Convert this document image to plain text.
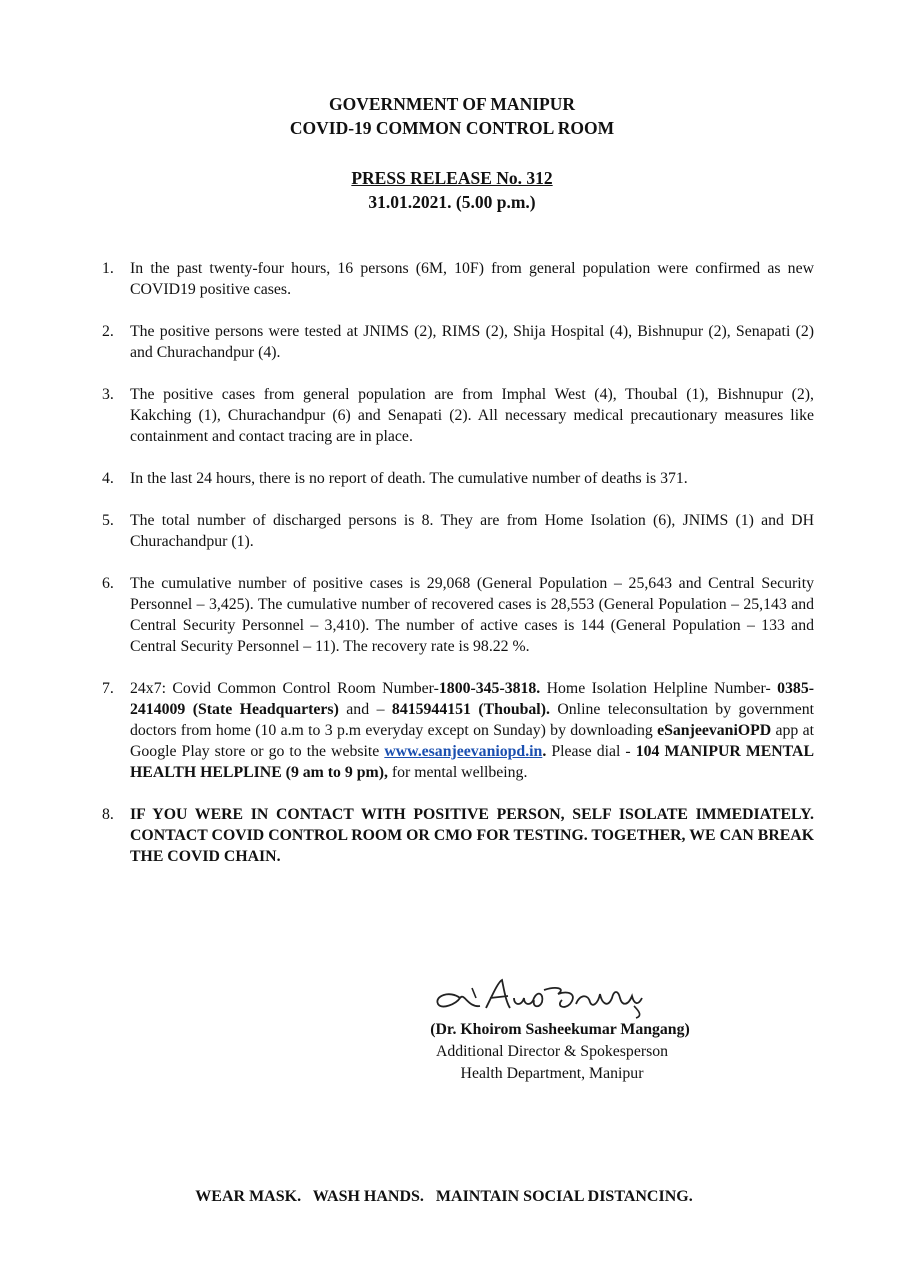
GOVERNMENT OF MANIPUR
COVID-19 COMMON CONTROL ROOM
PRESS RELEASE No. 312
31.01.2021. (5.00 p.m.)
1. In the past twenty-four hours, 16 persons (6M, 10F) from general population were confirmed as new COVID19 positive cases.
2. The positive persons were tested at JNIMS (2), RIMS (2), Shija Hospital (4), Bishnupur (2), Senapati (2) and Churachandpur (4).
3. The positive cases from general population are from Imphal West (4), Thoubal (1), Bishnupur (2), Kakching (1), Churachandpur (6) and Senapati (2). All necessary medical precautionary measures like containment and contact tracing are in place.
4. In the last 24 hours, there is no report of death. The cumulative number of deaths is 371.
5. The total number of discharged persons is 8. They are from Home Isolation (6), JNIMS (1) and DH Churachandpur (1).
6. The cumulative number of positive cases is 29,068 (General Population – 25,643 and Central Security Personnel – 3,425). The cumulative number of recovered cases is 28,553 (General Population – 25,143 and Central Security Personnel – 3,410). The number of active cases is 144 (General Population – 133 and Central Security Personnel – 11). The recovery rate is 98.22 %.
7. 24x7: Covid Common Control Room Number-1800-345-3818. Home Isolation Helpline Number- 0385-2414009 (State Headquarters) and – 8415944151 (Thoubal). Online teleconsultation by government doctors from home (10 a.m to 3 p.m everyday except on Sunday) by downloading eSanjeevaniOPD app at Google Play store or go to the website www.esanjeevaniopd.in. Please dial - 104 MANIPUR MENTAL HEALTH HELPLINE (9 am to 9 pm), for mental wellbeing.
8. IF YOU WERE IN CONTACT WITH POSITIVE PERSON, SELF ISOLATE IMMEDIATELY. CONTACT COVID CONTROL ROOM OR CMO FOR TESTING. TOGETHER, WE CAN BREAK THE COVID CHAIN.
(Dr. Khoirom Sasheekumar Mangang)
Additional Director & Spokesperson
Health Department, Manipur
WEAR MASK.   WASH HANDS.   MAINTAIN SOCIAL DISTANCING.
